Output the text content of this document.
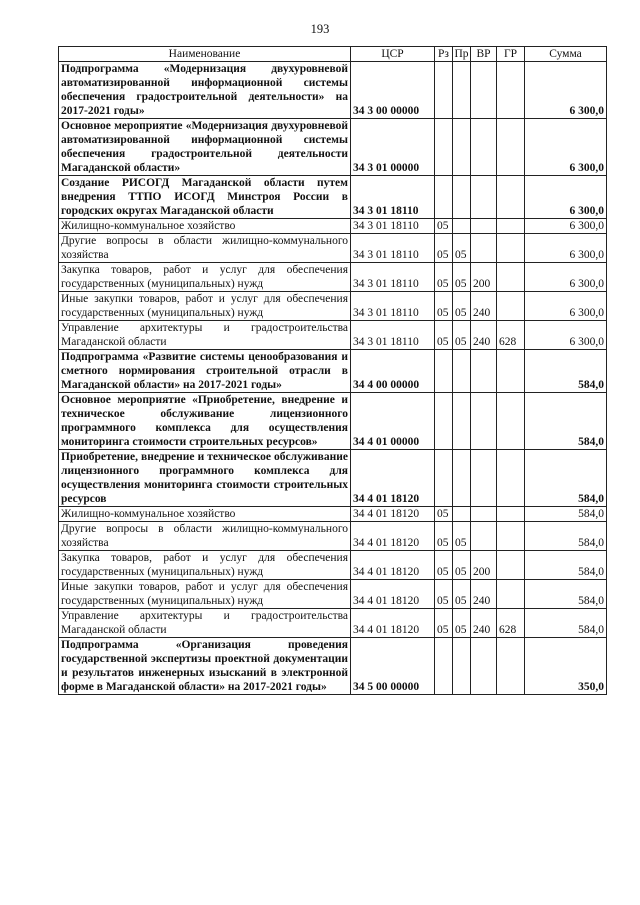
193
Наименование	ЦСР	Рз	Пр	ВР	ГР	Сумма
Подпрограмма «Модернизация двухуровневой автоматизированной информационной системы обеспечения градостроительной деятельности» на 2017-2021 годы»	34 3 00 00000					6 300,0
Основное мероприятие «Модернизация двухуровневой автоматизированной информационной системы обеспечения градостроительной деятельности Магаданской области»	34 3 01 00000					6 300,0
Создание РИСОГД Магаданской области путем внедрения ТТПО ИСОГД Минстроя России в городских округах Магаданской области	34 3 01 18110					6 300,0
Жилищно-коммунальное хозяйство	34 3 01 18110	05				6 300,0
Другие вопросы в области жилищно-коммунального хозяйства	34 3 01 18110	05	05			6 300,0
Закупка товаров, работ и услуг для обеспечения государственных (муниципальных) нужд	34 3 01 18110	05	05	200		6 300,0
Иные закупки товаров, работ и услуг для обеспечения государственных (муниципальных) нужд	34 3 01 18110	05	05	240		6 300,0
Управление архитектуры и градостроительства Магаданской области	34 3 01 18110	05	05	240	628	6 300,0
Подпрограмма «Развитие системы ценообразования и сметного нормирования строительной отрасли в Магаданской области» на 2017-2021 годы»	34 4 00 00000					584,0
Основное мероприятие «Приобретение, внедрение и техническое обслуживание лицензионного программного комплекса для осуществления мониторинга стоимости строительных ресурсов»	34 4 01 00000					584,0
Приобретение, внедрение и техническое обслуживание лицензионного программного комплекса для осуществления мониторинга стоимости строительных ресурсов	34 4 01 18120					584,0
Жилищно-коммунальное хозяйство	34 4 01 18120	05				584,0
Другие вопросы в области жилищно-коммунального хозяйства	34 4 01 18120	05	05			584,0
Закупка товаров, работ и услуг для обеспечения государственных (муниципальных) нужд	34 4 01 18120	05	05	200		584,0
Иные закупки товаров, работ и услуг для обеспечения государственных (муниципальных) нужд	34 4 01 18120	05	05	240		584,0
Управление архитектуры и градостроительства Магаданской области	34 4 01 18120	05	05	240	628	584,0
Подпрограмма «Организация проведения государственной экспертизы проектной документации и результатов инженерных изысканий в электронной форме в Магаданской области» на 2017-2021 годы»	34 5 00 00000					350,0
